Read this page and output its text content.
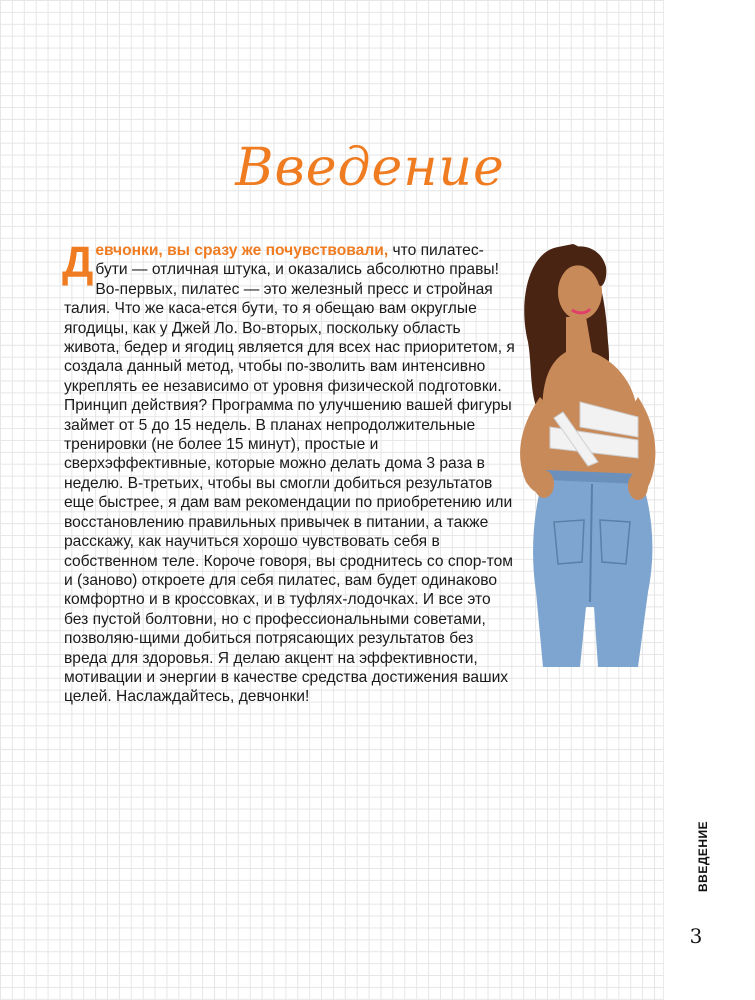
Введение

Девчонки, вы сразу же почувствовали, что пилатес-бути — отличная штука, и оказались абсолютно правы! Во-первых, пилатес — это железный пресс и стройная талия. Что же каса-ется бути, то я обещаю вам округлые ягодицы, как у Джей Ло. Во-вторых, поскольку область живота, бедер и ягодиц является для всех нас приоритетом, я создала данный метод, чтобы по-зволить вам интенсивно укреплять ее независимо от уровня физической подготовки. Принцип действия? Программа по улучшению вашей фигуры займет от 5 до 15 недель. В планах непродолжительные тренировки (не более 15 минут), простые и сверхэффективные, которые можно делать дома 3 раза в неделю. В-третьих, чтобы вы смогли добиться результатов еще быстрее, я дам вам рекомендации по приобретению или восстановлению правильных привычек в питании, а также расскажу, как научиться хорошо чувствовать себя в собственном теле. Короче говоря, вы сроднитесь со спор-том и (заново) откроете для себя пилатес, вам будет одинаково комфортно и в кроссовках, и в туфлях-лодочках. И все это без пустой болтовни, но с профессиональными советами, позволяю-щими добиться потрясающих результатов без вреда для здоровья. Я делаю акцент на эффективности, мотивации и энергии в качестве средства достижения ваших целей. Наслаждайтесь, девчонки!

ВВЕДЕНИЕ
3
